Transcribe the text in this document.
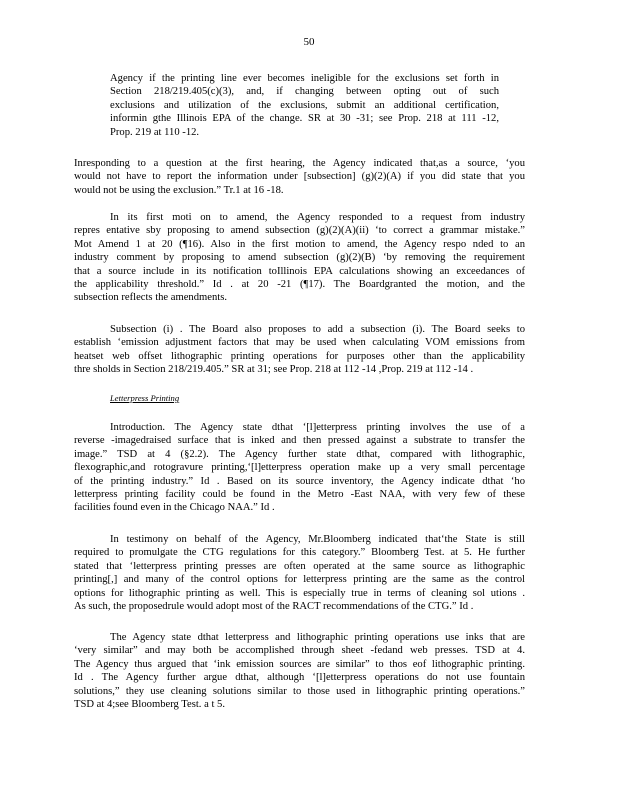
50
Agency if the printing line ever becomes ineligible for the exclusions set forth in
Section 218/219.405(c)(3), and, if changing between opting out of such
exclusions and utilization of the exclusions, submit an additional certification,
informin gthe Illinois EPA of the change. SR at 30 -31; see Prop. 218 at 111 -12,
Prop. 219 at 110 -12.
Inresponding to a question at the first hearing, the Agency indicated that,as a source, ‘you
would not have to report the information under [subsection] (g)(2)(A) if you did state that you
would not be using the exclusion.” Tr.1 at 16 -18.
In its first moti on to amend, the Agency responded to a request from industry
repres entative sby proposing to amend subsection (g)(2)(A)(ii) ‘to correct a grammar mistake.”
Mot Amend 1 at 20 (¶16). Also in the first motion to amend, the Agency respo nded to an
industry comment by proposing to amend subsection (g)(2)(B) ‘by removing the requirement
that a source include in its notification toIllinois EPA calculations showing an exceedances of
the applicability threshold.” Id . at 20 -21 (¶17). The Boardgranted the motion, and the
subsection reflects the amendments.
Subsection (i) . The Board also proposes to add a subsection (i). The Board seeks to
establish ‘emission adjustment factors that may be used when calculating VOM emissions from
heatset web offset lithographic printing operations for purposes other than the applicability
thre sholds in Section 218/219.405.” SR at 31; see Prop. 218 at 112 -14 ,Prop. 219 at 112 -14 .
Letterpress Printing
Introduction. The Agency state dthat ‘[l]etterpress printing involves the use of a
reverse -imagedraised surface that is inked and then pressed against a substrate to transfer the
image.” TSD at 4 (§2.2). The Agency further state dthat, compared with lithographic,
flexographic,and rotogravure printing,‘[l]etterpress operation make up a very small percentage
of the printing industry.” Id . Based on its source inventory, the Agency indicate dthat ‘ho
letterpress printing facility could be found in the Metro -East NAA, with very few of these
facilities found even in the Chicago NAA.” Id .
In testimony on behalf of the Agency, Mr.Bloomberg indicated that‘the State is still
required to promulgate the CTG regulations for this category.” Bloomberg Test. at 5. He further
stated that ‘letterpress printing presses are often operated at the same source as lithographic
printing[,] and many of the control options for letterpress printing are the same as the control
options for lithographic printing as well. This is especially true in terms of cleaning sol utions .
As such, the proposedrule would adopt most of the RACT recommendations of the CTG.” Id .
The Agency state dthat letterpress and lithographic printing operations use inks that are
‘very similar” and may both be accomplished through sheet -fedand web presses. TSD at 4.
The Agency thus argued that ‘ink emission sources are similar” to thos eof lithographic printing.
Id . The Agency further argue dthat, although ‘[l]etterpress operations do not use fountain
solutions,” they use cleaning solutions similar to those used in lithographic printing operations.”
TSD at 4;see Bloomberg Test. a t 5.
